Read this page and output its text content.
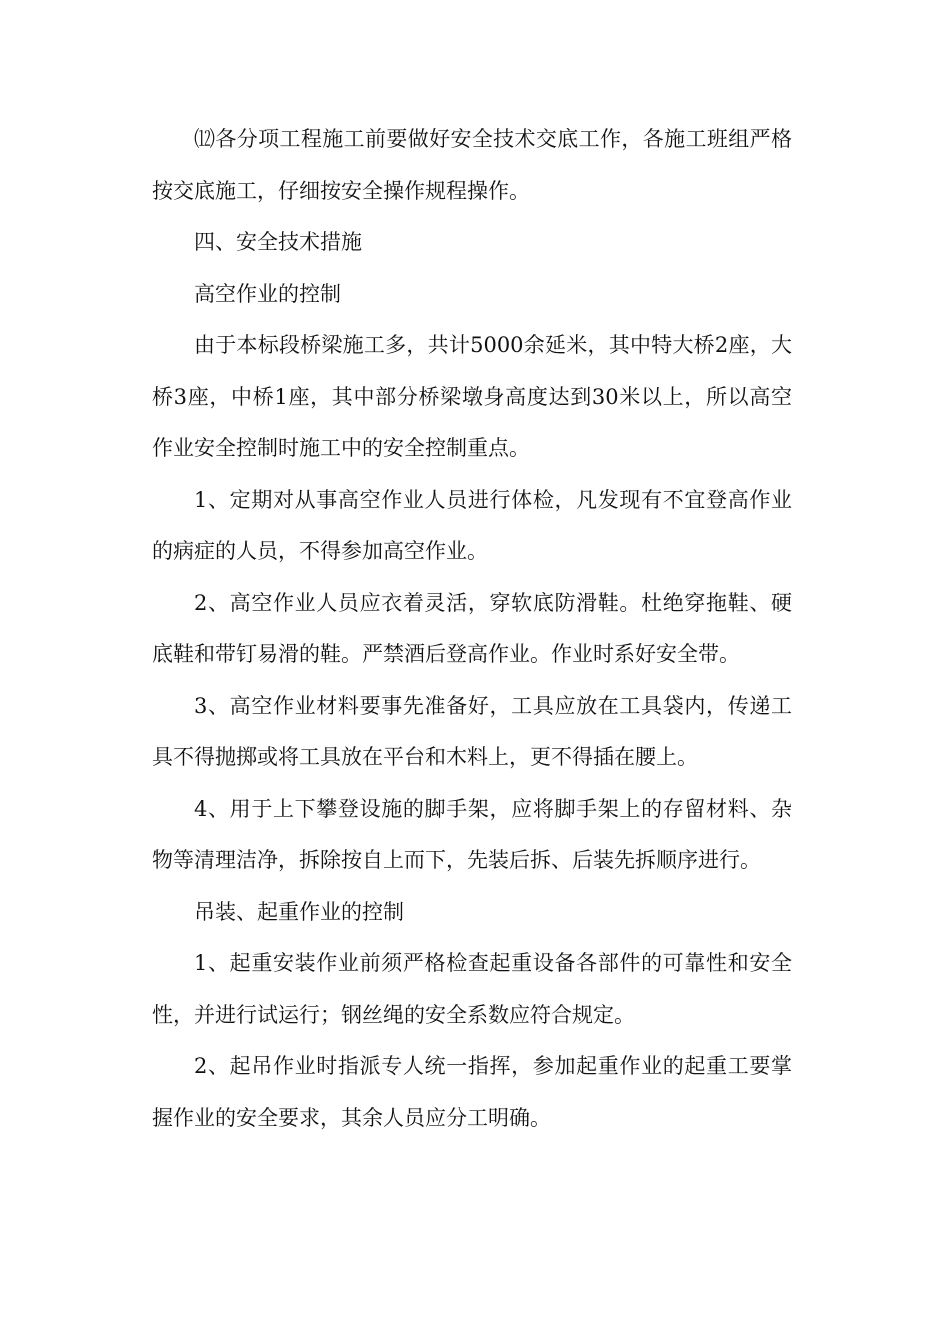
⑿各分项工程施工前要做好安全技术交底工作，各施工班组严格按交底施工，仔细按安全操作规程操作。

四、安全技术措施

高空作业的控制

由于本标段桥梁施工多，共计5000余延米，其中特大桥2座，大桥3座，中桥1座，其中部分桥梁墩身高度达到30米以上，所以高空作业安全控制时施工中的安全控制重点。

1、定期对从事高空作业人员进行体检，凡发现有不宜登高作业的病症的人员，不得参加高空作业。

2、高空作业人员应衣着灵活，穿软底防滑鞋。杜绝穿拖鞋、硬底鞋和带钉易滑的鞋。严禁酒后登高作业。作业时系好安全带。

3、高空作业材料要事先准备好，工具应放在工具袋内，传递工具不得抛掷或将工具放在平台和木料上，更不得插在腰上。

4、用于上下攀登设施的脚手架，应将脚手架上的存留材料、杂物等清理洁净，拆除按自上而下，先装后拆、后装先拆顺序进行。

吊装、起重作业的控制

1、起重安装作业前须严格检查起重设备各部件的可靠性和安全性，并进行试运行；钢丝绳的安全系数应符合规定。

2、起吊作业时指派专人统一指挥，参加起重作业的起重工要掌握作业的安全要求，其余人员应分工明确。
